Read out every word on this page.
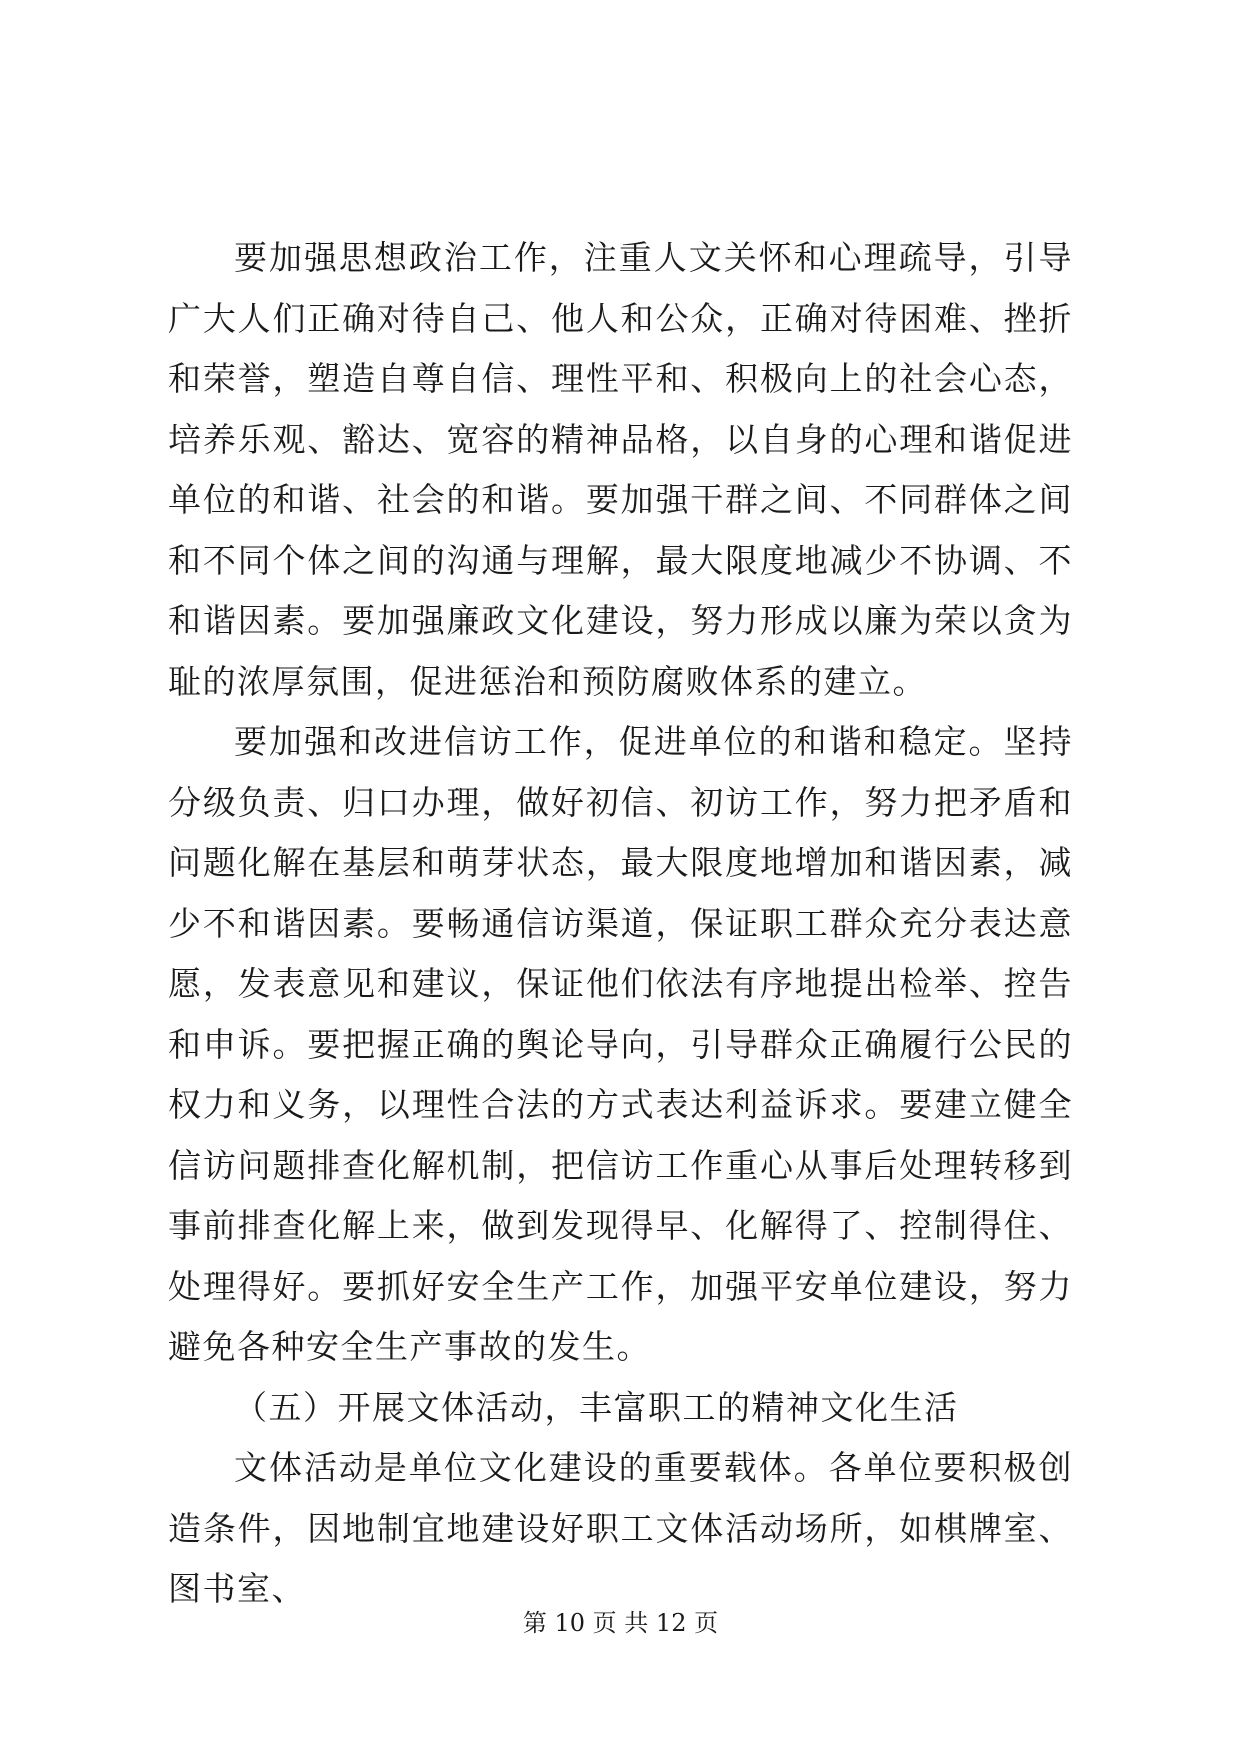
要加强思想政治工作，注重人文关怀和心理疏导，引导广大人们正确对待自己、他人和公众，正确对待困难、挫折和荣誉，塑造自尊自信、理性平和、积极向上的社会心态，培养乐观、豁达、宽容的精神品格，以自身的心理和谐促进单位的和谐、社会的和谐。要加强干群之间、不同群体之间和不同个体之间的沟通与理解，最大限度地减少不协调、不和谐因素。要加强廉政文化建设，努力形成以廉为荣以贪为耻的浓厚氛围，促进惩治和预防腐败体系的建立。

要加强和改进信访工作，促进单位的和谐和稳定。坚持分级负责、归口办理，做好初信、初访工作，努力把矛盾和问题化解在基层和萌芽状态，最大限度地增加和谐因素，减少不和谐因素。要畅通信访渠道，保证职工群众充分表达意愿，发表意见和建议，保证他们依法有序地提出检举、控告和申诉。要把握正确的舆论导向，引导群众正确履行公民的权力和义务，以理性合法的方式表达利益诉求。要建立健全信访问题排查化解机制，把信访工作重心从事后处理转移到事前排查化解上来，做到发现得早、化解得了、控制得住、处理得好。要抓好安全生产工作，加强平安单位建设，努力避免各种安全生产事故的发生。

（五）开展文体活动，丰富职工的精神文化生活

文体活动是单位文化建设的重要载体。各单位要积极创造条件，因地制宜地建设好职工文体活动场所，如棋牌室、图书室、

第 10 页 共 12 页
